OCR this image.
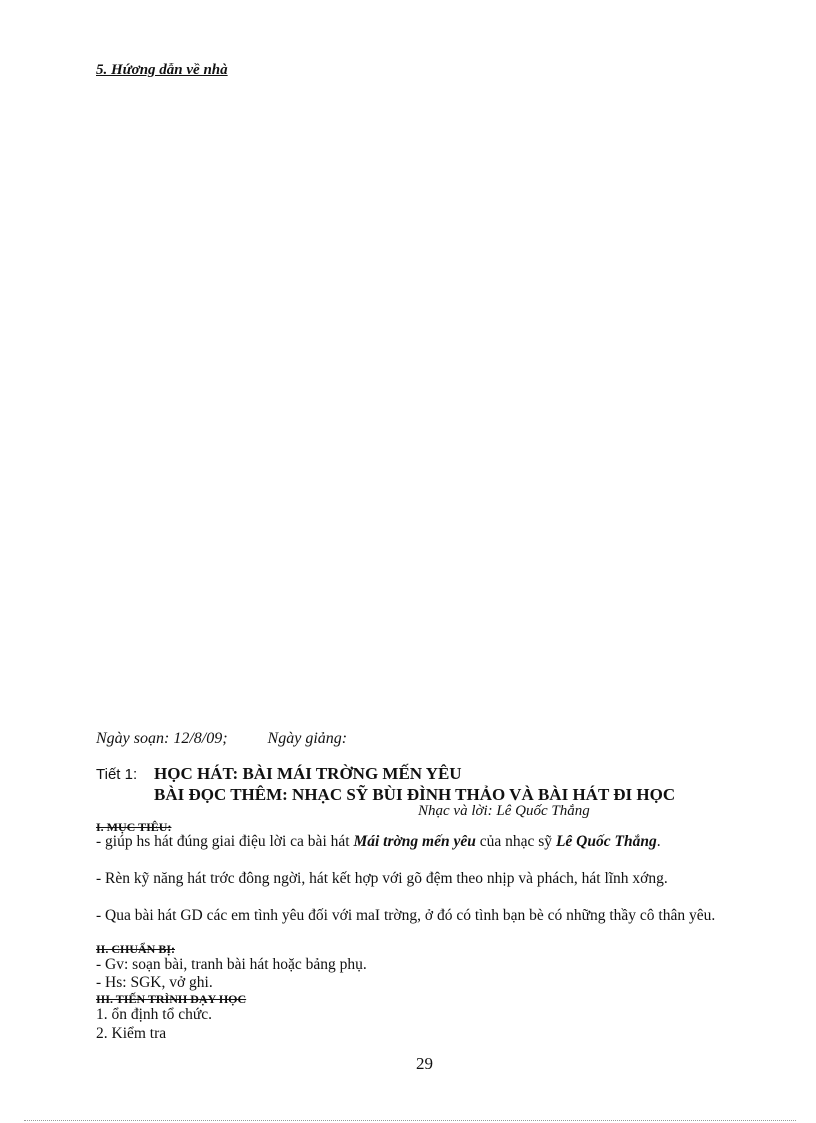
5. Hứơng dẫn về nhà
Ngày soạn: 12/8/09;	Ngày giảng:
Tiết 1: HỌC HÁT: BÀI MÁI TRỜNG MẾN YÊU
BÀI ĐỌC THÊM: NHẠC SỸ BÙI ĐÌNH THẢO VÀ BÀI HÁT ĐI HỌC
Nhạc và lời: Lê Quốc Thắng
I. MỤC TIÊU:
- giúp hs hát đúng giai điệu lời ca bài hát Mái trờng mến yêu của nhạc sỹ Lê Quốc Thắng.
- Rèn kỹ năng hát trớc đông ngời, hát kết hợp với gõ đệm theo nhịp và phách, hát lĩnh xớng.
- Qua bài hát GD các em tình yêu đối với maI trờng, ở đó có tình bạn bè có những thầy cô thân yêu.
II. CHUẨN BỊ:
- Gv: soạn bài, tranh bài hát hoặc bảng phụ.
- Hs: SGK, vở ghi.
III. TIẾN TRÌNH DẠY HỌC
1. ổn định tổ chức.
2. Kiểm tra
29
